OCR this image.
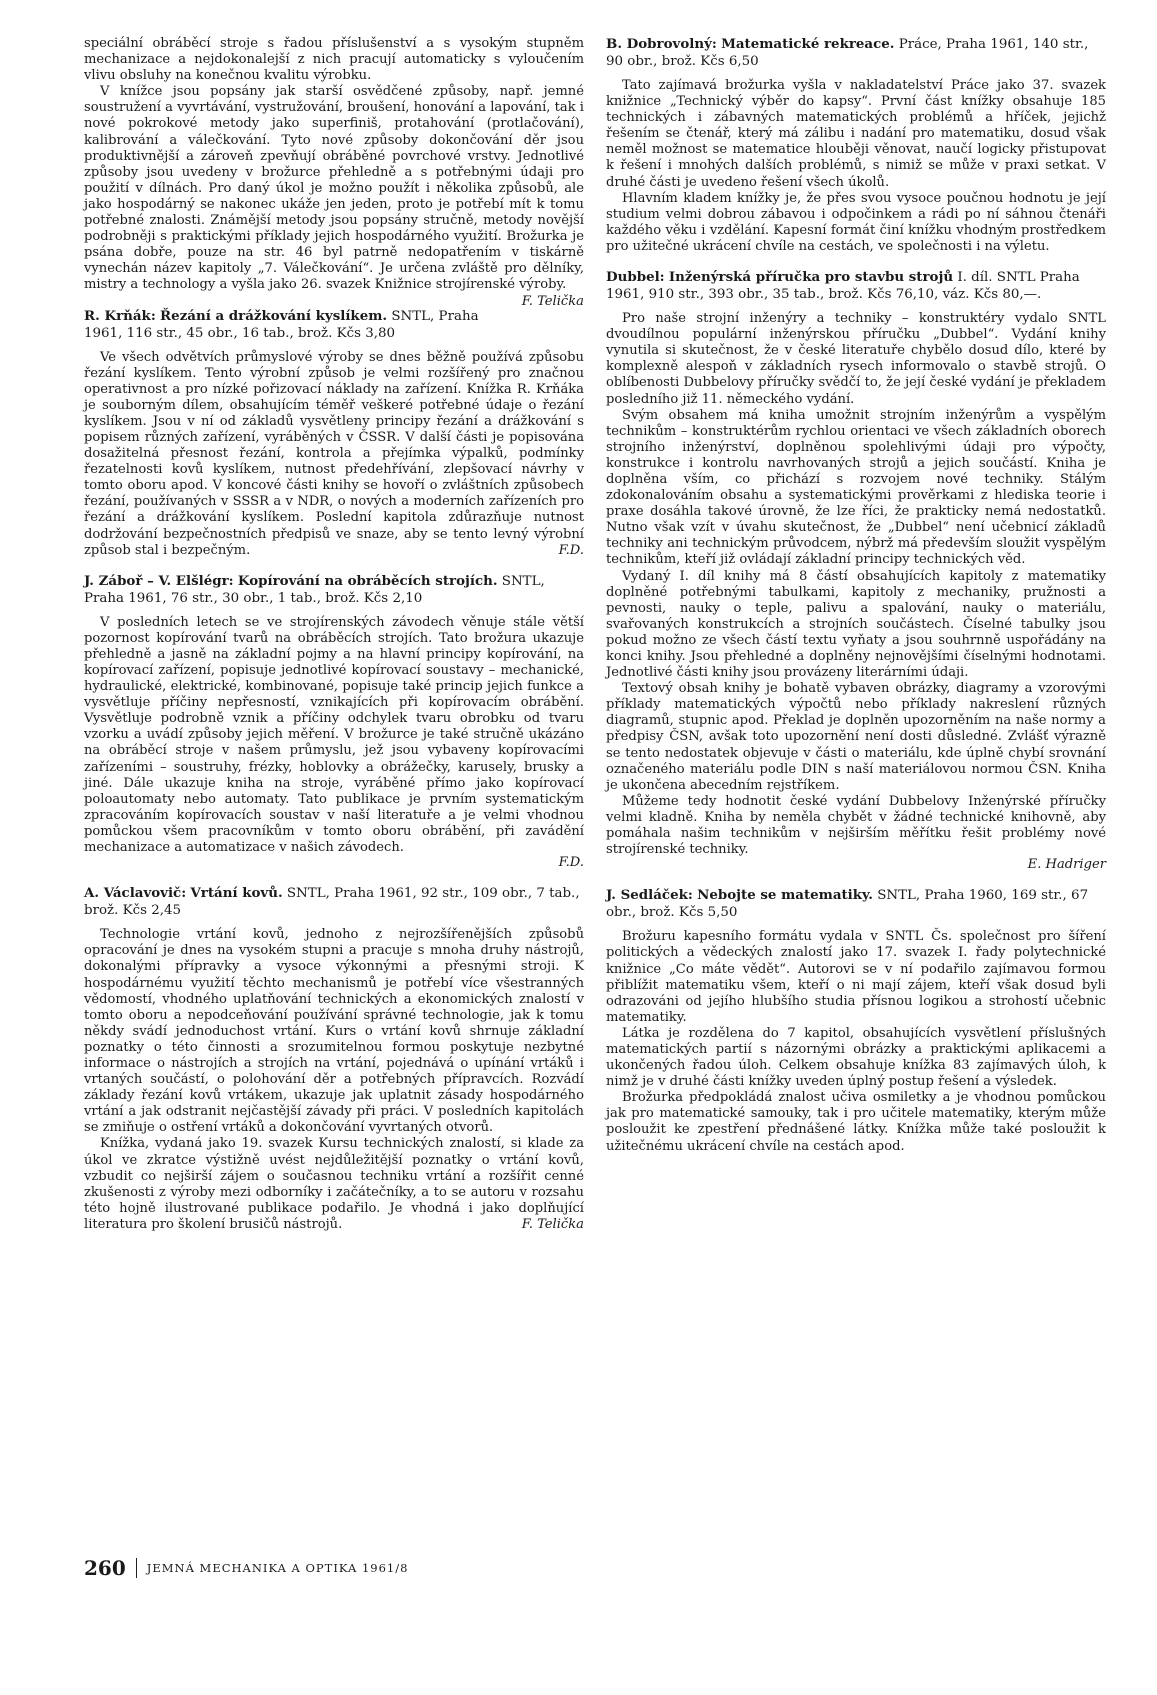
speciální obráběcí stroje s řadou příslušenství a s vysokým stupněm mechanizace a nejdokonalejší z nich pracují automaticky s vyloučením vlivu obsluhy na konečnou kvalitu výrobku.

V knížce jsou popsány jak starší osvědčené způsoby, např. jemné soustružení a vyvrtávání, vystružování, broušení, honování a lapování, tak i nové pokrokové metody jako superfiniš, protahování (protlačování), kalibrování a válečkování. Tyto nové způsoby dokončování děr jsou produktivnější a zároveň zpevňují obráběné povrchové vrstvy. Jednotlivé způsoby jsou uvedeny v brožurce přehledně a s potřebnými údaji pro použití v dílnách. Pro daný úkol je možno použít i několika způsobů, ale jako hospodárný se nakonec ukáže jen jeden, proto je potřebí mít k tomu potřebné znalosti. Známější metody jsou popsány stručně, metody novější podrobněji s praktickými příklady jejich hospodárného využití. Brožurka je psána dobře, pouze na str. 46 byl patrně nedopatřením v tiskárně vynechán název kapitoly „7. Válečkování“. Je určena zvláště pro dělníky, mistry a technology a vyšla jako 26. svazek Knižnice strojírenské výroby.
F. Telička

R. Krňák: Řezání a drážkování kyslíkem. SNTL, Praha 1961, 116 str., 45 obr., 16 tab., brož. Kčs 3,80

Ve všech odvětvích průmyslové výroby se dnes běžně používá způsobu řezání kyslíkem. Tento výrobní způsob je velmi rozšířený pro značnou operativnost a pro nízké pořizovací náklady na zařízení. Knížka R. Krňáka je souborným dílem, obsahujícím téměř veškeré potřebné údaje o řezání kyslíkem. Jsou v ní od základů vysvětleny principy řezání a drážkování s popisem různých zařízení, vyráběných v ČSSR. V další části je popisována dosažitelná přesnost řezání, kontrola a přejímka výpalků, podmínky řezatelnosti kovů kyslíkem, nutnost předehřívání, zlepšovací návrhy v tomto oboru apod. V koncové části knihy se hovoří o zvláštních způsobech řezání, používaných v SSSR a v NDR, o nových a moderních zařízeních pro řezání a drážkování kyslíkem. Poslední kapitola zdůrazňuje nutnost dodržování bezpečnostních předpisů ve snaze, aby se tento levný výrobní způsob stal i bezpečným.	F.D.

J. Záboř – V. Elšlégr: Kopírování na obráběcích strojích. SNTL, Praha 1961, 76 str., 30 obr., 1 tab., brož. Kčs 2,10

V posledních letech se ve strojírenských závodech věnuje stále větší pozornost kopírování tvarů na obráběcích strojích. Tato brožura ukazuje přehledně a jasně na základní pojmy a na hlavní principy kopírování, na kopírovací zařízení, popisuje jednotlivé kopírovací soustavy – mechanické, hydraulické, elektrické, kombinované, popisuje také princip jejich funkce a vysvětluje příčiny nepřesností, vznikajících při kopírovacím obrábění. Vysvětluje podrobně vznik a příčiny odchylek tvaru obrobku od tvaru vzorku a uvádí způsoby jejich měření. V brožurce je také stručně ukázáno na obráběcí stroje v našem průmyslu, jež jsou vybaveny kopírovacími zařízeními – soustruhy, frézky, hoblovky a obrážečky, karusely, brusky a jiné. Dále ukazuje kniha na stroje, vyráběné přímo jako kopírovací poloautomaty nebo automaty. Tato publikace je prvním systematickým zpracováním kopírovacích soustav v naší literatuře a je velmi vhodnou pomůckou všem pracovníkům v tomto oboru obrábění, při zavádění mechanizace a automatizace v našich závodech.

F.D.
A. Václavovič: Vrtání kovů. SNTL, Praha 1961, 92 str., 109 obr., 7 tab., brož. Kčs 2,45

Technologie vrtání kovů, jednoho z nejrozšířenějších způsobů opracování je dnes na vysokém stupni a pracuje s mnoha druhy nástrojů, dokonalými přípravky a vysoce výkonnými a přesnými stroji. K hospodárnému využití těchto mechanismů je potřebí více všestranných vědomostí, vhodného uplatňování technických a ekonomických znalostí v tomto oboru a nepodceňování používání správné technologie, jak k tomu někdy svádí jednoduchost vrtání. Kurs o vrtání kovů shrnuje základní poznatky o této činnosti a srozumitelnou formou poskytuje nezbytné informace o nástrojích a strojích na vrtání, pojednává o upínání vrtáků i vrtaných součástí, o polohování děr a potřebných přípravcích. Rozvádí základy řezání kovů vrtákem, ukazuje jak uplatnit zásady hospodárného vrtání a jak odstranit nejčastější závady při práci. V posledních kapitolách se zmiňuje o ostření vrtáků a dokončování vyvrtaných otvorů.

Knížka, vydaná jako 19. svazek Kursu technických znalostí, si klade za úkol ve zkratce výstižně uvést nejdůležitější poznatky o vrtání kovů, vzbudit co nejširší zájem o současnou techniku vrtání a rozšířit cenné zkušenosti z výroby mezi odborníky i začátečníky, a to se autoru v rozsahu této hojně ilustrované publikace podařilo. Je vhodná i jako doplňující literatura pro školení brusičů nástrojů.	F. Telička

B. Dobrovolný: Matematické rekreace. Práce, Praha 1961, 140 str., 90 obr., brož. Kčs 6,50

Tato zajímavá brožurka vyšla v nakladatelství Práce jako 37. svazek knižnice „Technický výběr do kapsy“. První část knížky obsahuje 185 technických i zábavných matematických problémů a hříček, jejichž řešením se čtenář, který má zálibu i nadání pro matematiku, dosud však neměl možnost se matematice hlouběji věnovat, naučí logicky přistupovat k řešení i mnohých dalších problémů, s nimiž se může v praxi setkat. V druhé části je uvedeno řešení všech úkolů.

Hlavním kladem knížky je, že přes svou vysoce poučnou hodnotu je její studium velmi dobrou zábavou i odpočinkem a rádi po ní sáhnou čtenáři každého věku i vzdělání. Kapesní formát činí knížku vhodným prostředkem pro užitečné ukrácení chvíle na cestách, ve společnosti i na výletu.

Dubbel: Inženýrská příručka pro stavbu strojů I. díl. SNTL Praha 1961, 910 str., 393 obr., 35 tab., brož. Kčs 76,10, váz. Kčs 80,—.

Pro naše strojní inženýry a techniky – konstruktéry vydalo SNTL dvoudílnou populární inženýrskou příručku „Dubbel“. Vydání knihy vynutila si skutečnost, že v české literatuře chybělo dosud dílo, které by komplexně alespoň v základních rysech informovalo o stavbě strojů. O oblíbenosti Dubbelovy příručky svědčí to, že její české vydání je překladem posledního již 11. německého vydání.

Svým obsahem má kniha umožnit strojním inženýrům a vyspělým technikům – konstruktérům rychlou orientaci ve všech základních oborech strojního inženýrství, doplněnou spolehlivými údaji pro výpočty, konstrukce i kontrolu navrhovaných strojů a jejich součástí. Kniha je doplněna vším, co přichází s rozvojem nové techniky. Stálým zdokonalováním obsahu a systematickými prověrkami z hlediska teorie i praxe dosáhla takové úrovně, že lze říci, že prakticky nemá nedostatků. Nutno však vzít v úvahu skutečnost, že „Dubbel“ není učebnicí základů techniky ani technickým průvodcem, nýbrž má především sloužit vyspělým technikům, kteří již ovládají základní principy technických věd.

Vydaný I. díl knihy má 8 částí obsahujících kapitoly z matematiky doplněné potřebnými tabulkami, kapitoly z mechaniky, pružnosti a pevnosti, nauky o teple, palivu a spalování, nauky o materiálu, svařovaných konstrukcích a strojních součástech. Číselné tabulky jsou pokud možno ze všech částí textu vyňaty a jsou souhrnně uspořádány na konci knihy. Jsou přehledné a doplněny nejnovějšími číselnými hodnotami. Jednotlivé části knihy jsou provázeny literárními údaji.

Textový obsah knihy je bohatě vybaven obrázky, diagramy a vzorovými příklady matematických výpočtů nebo příklady nakreslení různých diagramů, stupnic apod. Překlad je doplněn upozorněním na naše normy a předpisy ČSN, avšak toto upozornění není dosti důsledné. Zvlášť výrazně se tento nedostatek objevuje v části o materiálu, kde úplně chybí srovnání označeného materiálu podle DIN s naší materiálovou normou ČSN. Kniha je ukončena abecedním rejstříkem.

Můžeme tedy hodnotit české vydání Dubbelovy Inženýrské příručky velmi kladně. Kniha by neměla chybět v žádné technické knihovně, aby pomáhala našim technikům v nejširším měřítku řešit problémy nové strojírenské techniky.

E. Hadriger
J. Sedláček: Nebojte se matematiky. SNTL, Praha 1960, 169 str., 67 obr., brož. Kčs 5,50

Brožuru kapesního formátu vydala v SNTL Čs. společnost pro šíření politických a vědeckých znalostí jako 17. svazek I. řady polytechnické knižnice „Co máte vědět“. Autorovi se v ní podařilo zajímavou formou přiblížit matematiku všem, kteří o ni mají zájem, kteří však dosud byli odrazováni od jejího hlubšího studia přísnou logikou a strohostí učebnic matematiky.

Látka je rozdělena do 7 kapitol, obsahujících vysvětlení příslušných matematických partií s názornými obrázky a praktickými aplikacemi a ukončených řadou úloh. Celkem obsahuje knížka 83 zajímavých úloh, k nimž je v druhé části knížky uveden úplný postup řešení a výsledek.

Brožurka předpokládá znalost učiva osmiletky a je vhodnou pomůckou jak pro matematické samouky, tak i pro učitele matematiky, kterým může posloužit ke zpestření přednášené látky. Knížka může také posloužit k užitečnému ukrácení chvíle na cestách apod.

260 JEMNÁ MECHANIKA A OPTIKA 1961/8
